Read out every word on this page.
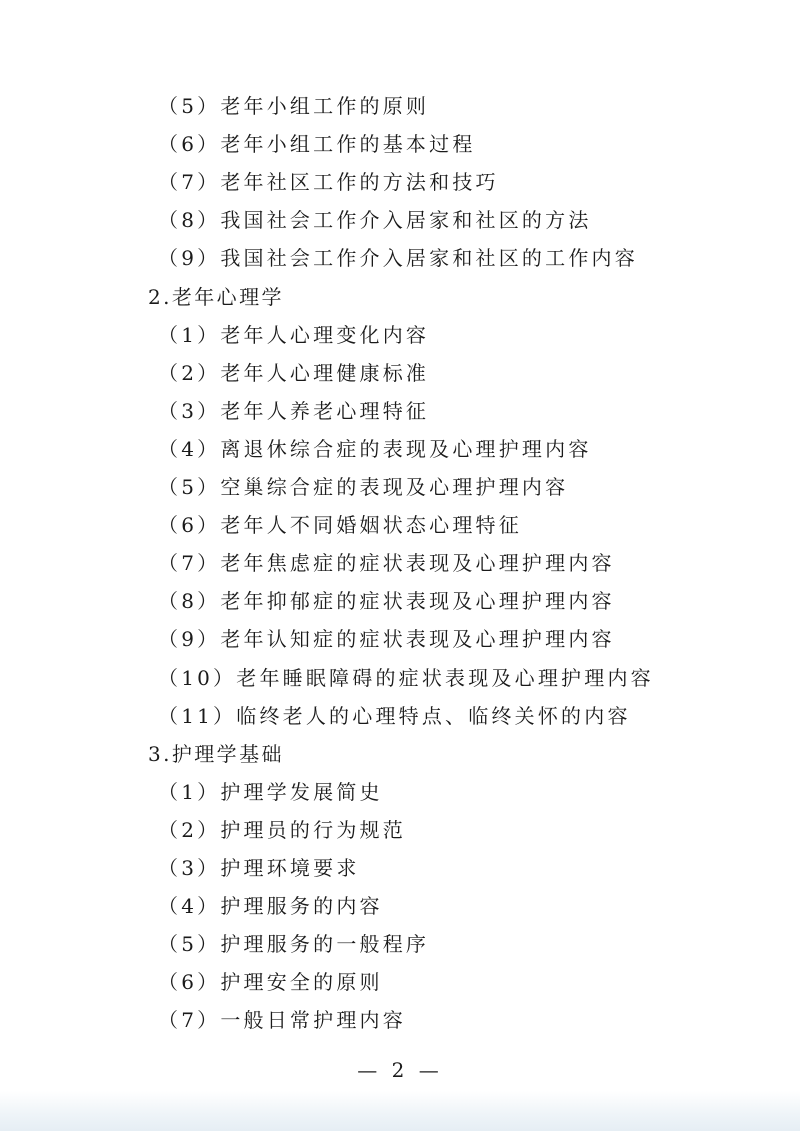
（5）老年小组工作的原则
（6）老年小组工作的基本过程
（7）老年社区工作的方法和技巧
（8）我国社会工作介入居家和社区的方法
（9）我国社会工作介入居家和社区的工作内容
2.老年心理学
（1）老年人心理变化内容
（2）老年人心理健康标准
（3）老年人养老心理特征
（4）离退休综合症的表现及心理护理内容
（5）空巢综合症的表现及心理护理内容
（6）老年人不同婚姻状态心理特征
（7）老年焦虑症的症状表现及心理护理内容
（8）老年抑郁症的症状表现及心理护理内容
（9）老年认知症的症状表现及心理护理内容
（10）老年睡眠障碍的症状表现及心理护理内容
（11）临终老人的心理特点、临终关怀的内容
3.护理学基础
（1）护理学发展简史
（2）护理员的行为规范
（3）护理环境要求
（4）护理服务的内容
（5）护理服务的一般程序
（6）护理安全的原则
（7）一般日常护理内容
— 2 —
